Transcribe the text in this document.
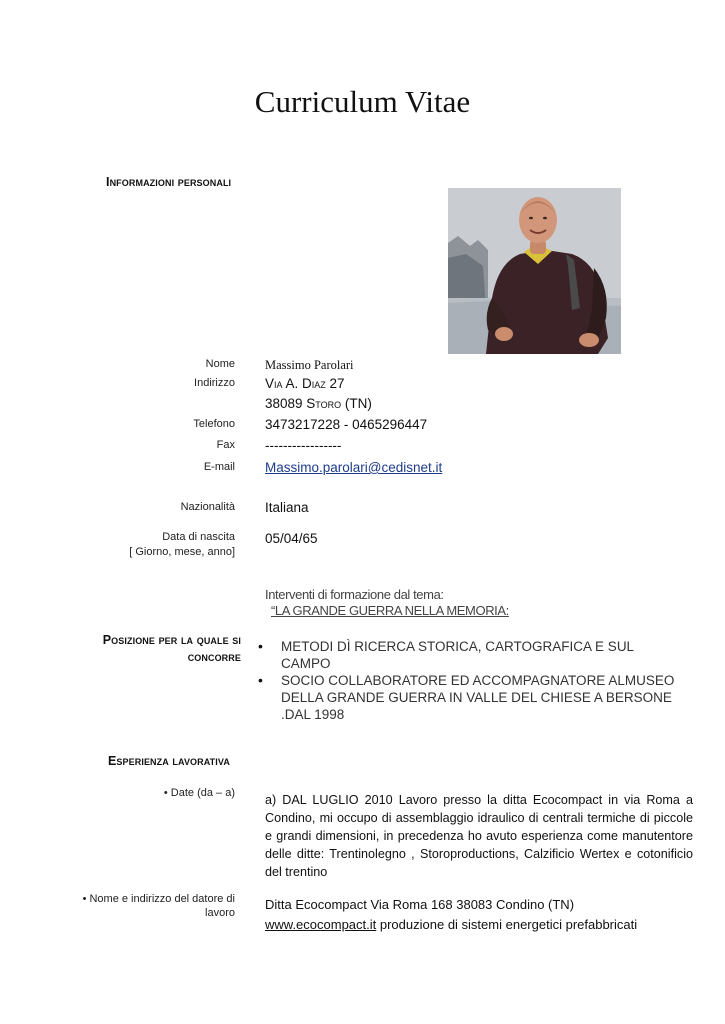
Curriculum Vitae
Informazioni personali
Nome Massimo Parolari
Indirizzo Via A. Diaz 27
38089 Storo (TN)
Telefono 3473217228 - 0465296447
Fax -----------------
E-mail Massimo.parolari@cedisnet.it
Nazionalità Italiana
Data di nascita
[ Giorno, mese, anno]
05/04/65
Interventi di formazione dal tema:
“LA GRANDE GUERRA NELLA MEMORIA:
Posizione per la quale si
concorre
• METODI DÌ RICERCA STORICA, CARTOGRAFICA E SUL
CAMPO
• SOCIO COLLABORATORE ED ACCOMPAGNATORE ALMUSEO
DELLA GRANDE GUERRA IN VALLE DEL CHIESE A BERSONE
.DAL 1998
Esperienza lavorativa
• Date (da – a) a) DAL LUGLIO 2010 Lavoro presso la ditta Ecocompact in via Roma a Condino, mi occupo di assemblaggio idraulico di centrali termiche di piccole e grandi dimensioni, in precedenza ho avuto esperienza come manutentore delle ditte: Trentinolegno , Storoproductions, Calzificio Wertex e cotonificio del trentino
• Nome e indirizzo del datore di
lavoro
Ditta Ecocompact Via Roma 168 38083 Condino (TN)
www.ecocompact.it produzione di sistemi energetici prefabbricati
